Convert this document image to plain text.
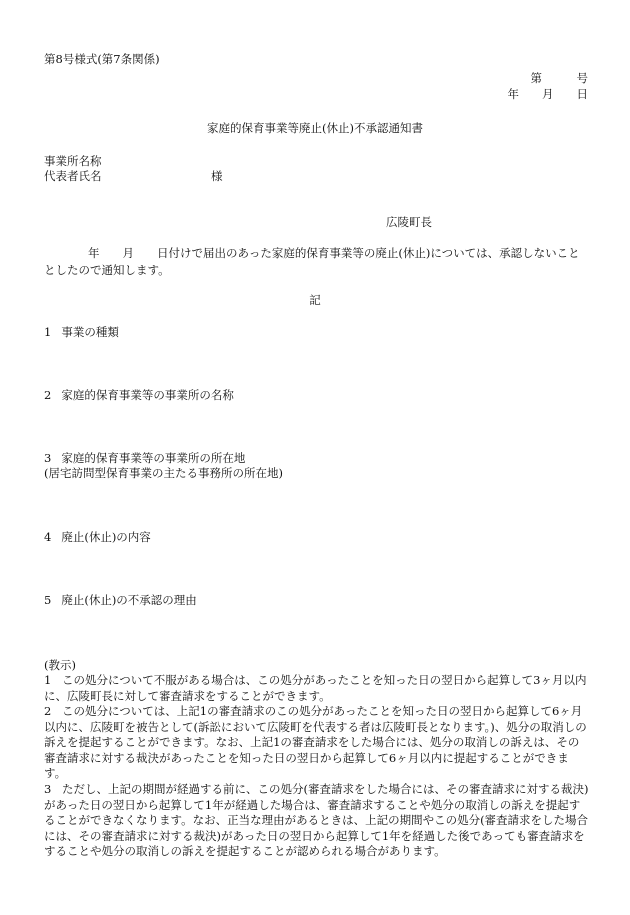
第8号様式(第7条関係)
第　　　号
年　　月　　日
家庭的保育事業等廃止(休止)不承認通知書
事業所名称
代表者氏名	様
広陵町長
年　　月　　日付けで届出のあった家庭的保育事業等の廃止(休止)については、承認しないこととしたので通知します。
記
1 事業の種類
2 家庭的保育事業等の事業所の名称
3 家庭的保育事業等の事業所の所在地
(居宅訪問型保育事業の主たる事務所の所在地)
4 廃止(休止)の内容
5 廃止(休止)の不承認の理由
(教示)
1 この処分について不服がある場合は、この処分があったことを知った日の翌日から起算して3ヶ月以内に、広陵町長に対して審査請求をすることができます。
2 この処分については、上記1の審査請求のこの処分があったことを知った日の翌日から起算して6ヶ月以内に、広陵町を被告として(訴訟において広陵町を代表する者は広陵町長となります。)、処分の取消しの訴えを提起することができます。なお、上記1の審査請求をした場合には、処分の取消しの訴えは、その審査請求に対する裁決があったことを知った日の翌日から起算して6ヶ月以内に提起することができます。
3 ただし、上記の期間が経過する前に、この処分(審査請求をした場合には、その審査請求に対する裁決)があった日の翌日から起算して1年が経過した場合は、審査請求することや処分の取消しの訴えを提起することができなくなります。なお、正当な理由があるときは、上記の期間やこの処分(審査請求をした場合には、その審査請求に対する裁決)があった日の翌日から起算して1年を経過した後であっても審査請求をすることや処分の取消しの訴えを提起することが認められる場合があります。
